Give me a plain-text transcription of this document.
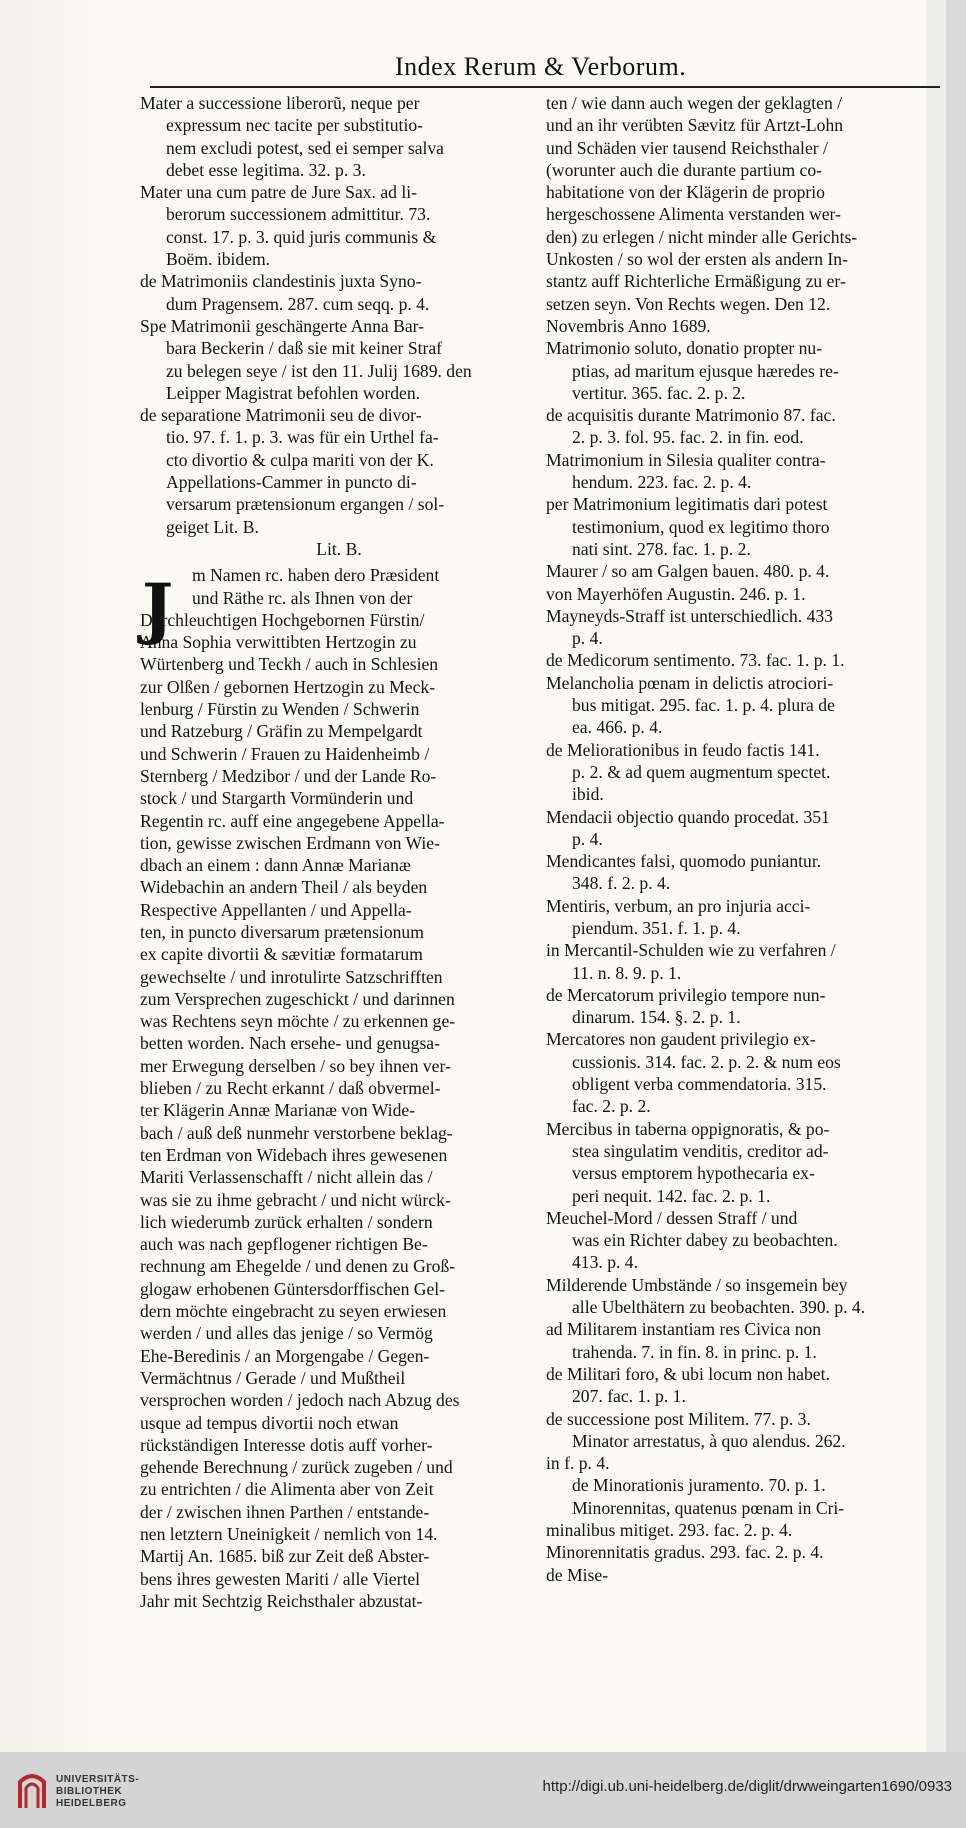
Index Rerum & Verborum.
J
Mater a successione liberorũ, neque per
expressum nec tacite per substitutio-
nem excludi potest, sed ei semper salva
debet esse legitima. 32. p. 3.
Mater una cum patre de Jure Sax. ad li-
berorum successionem admittitur. 73.
const. 17. p. 3. quid juris communis &
Boëm. ibidem.
de Matrimoniis clandestinis juxta Syno-
dum Pragensem. 287. cum seqq. p. 4.
Spe Matrimonii geschängerte Anna Bar-
bara Beckerin / daß sie mit keiner Straf
zu belegen seye / ist den 11. Julij 1689. den
Leipper Magistrat befohlen worden.
de separatione Matrimonii seu de divor-
tio. 97. f. 1. p. 3. was für ein Urthel fa-
cto divortio & culpa mariti von der K.
Appellations-Cammer in puncto di-
versarum prætensionum ergangen / sol-
geiget Lit. B.
Lit. B.
m Namen rc. haben dero Præsident
und Räthe rc. als Ihnen von der
Durchleuchtigen Hochgebornen Fürstin/
Anna Sophia verwittibten Hertzogin zu
Würtenberg und Teckh / auch in Schlesien
zur Olßen / gebornen Hertzogin zu Meck-
lenburg / Fürstin zu Wenden / Schwerin
und Ratzeburg / Gräfin zu Mempelgardt
und Schwerin / Frauen zu Haidenheimb /
Sternberg / Medzibor / und der Lande Ro-
stock / und Stargarth Vormünderin und
Regentin rc. auff eine angegebene Appella-
tion, gewisse zwischen Erdmann von Wie-
dbach an einem : dann Annæ Marianæ
Widebachin an andern Theil / als beyden
Respective Appellanten / und Appella-
ten, in puncto diversarum prætensionum
ex capite divortii & sævitiæ formatarum
gewechselte / und inrotulirte Satzschrifften
zum Versprechen zugeschickt / und darinnen
was Rechtens seyn möchte / zu erkennen ge-
betten worden. Nach ersehe- und genugsa-
mer Erwegung derselben / so bey ihnen ver-
blieben / zu Recht erkannt / daß obvermel-
ter Klägerin Annæ Marianæ von Wide-
bach / auß deß nunmehr verstorbene beklag-
ten Erdman von Widebach ihres gewesenen
Mariti Verlassenschafft / nicht allein das /
was sie zu ihme gebracht / und nicht würck-
lich wiederumb zurück erhalten / sondern
auch was nach gepflogener richtigen Be-
rechnung am Ehegelde / und denen zu Groß-
glogaw erhobenen Güntersdorffischen Gel-
dern möchte eingebracht zu seyen erwiesen
werden / und alles das jenige / so Vermög
Ehe-Beredinis / an Morgengabe / Gegen-
Vermächtnus / Gerade / und Mußtheil
versprochen worden / jedoch nach Abzug des
usque ad tempus divortii noch etwan
rückständigen Interesse dotis auff vorher-
gehende Berechnung / zurück zugeben / und
zu entrichten / die Alimenta aber von Zeit
der / zwischen ihnen Parthen / entstande-
nen letztern Uneinigkeit / nemlich von 14.
Martij An. 1685. biß zur Zeit deß Abster-
bens ihres gewesten Mariti / alle Viertel
Jahr mit Sechtzig Reichsthaler abzustat-
ten / wie dann auch wegen der geklagten /
und an ihr verübten Sævitz für Artzt-Lohn
und Schäden vier tausend Reichsthaler /
(worunter auch die durante partium co-
habitatione von der Klägerin de proprio
hergeschossene Alimenta verstanden wer-
den) zu erlegen / nicht minder alle Gerichts-
Unkosten / so wol der ersten als andern In-
stantz auff Richterliche Ermäßigung zu er-
setzen seyn. Von Rechts wegen. Den 12.
Novembris Anno 1689.
Matrimonio soluto, donatio propter nu-
ptias, ad maritum ejusque hæredes re-
vertitur. 365. fac. 2. p. 2.
de acquisitis durante Matrimonio 87. fac.
2. p. 3. fol. 95. fac. 2. in fin. eod.
Matrimonium in Silesia qualiter contra-
hendum. 223. fac. 2. p. 4.
per Matrimonium legitimatis dari potest
testimonium, quod ex legitimo thoro
nati sint. 278. fac. 1. p. 2.
Maurer / so am Galgen bauen. 480. p. 4.
von Mayerhöfen Augustin. 246. p. 1.
Mayneyds-Straff ist unterschiedlich. 433
p. 4.
de Medicorum sentimento. 73. fac. 1. p. 1.
Melancholia pœnam in delictis atrociori-
bus mitigat. 295. fac. 1. p. 4. plura de
ea. 466. p. 4.
de Meliorationibus in feudo factis 141.
p. 2. & ad quem augmentum spectet.
ibid.
Mendacii objectio quando procedat. 351
p. 4.
Mendicantes falsi, quomodo puniantur.
348. f. 2. p. 4.
Mentiris, verbum, an pro injuria acci-
piendum. 351. f. 1. p. 4.
in Mercantil-Schulden wie zu verfahren /
11. n. 8. 9. p. 1.
de Mercatorum privilegio tempore nun-
dinarum. 154. §. 2. p. 1.
Mercatores non gaudent privilegio ex-
cussionis. 314. fac. 2. p. 2. & num eos
obligent verba commendatoria. 315.
fac. 2. p. 2.
Mercibus in taberna oppignoratis, & po-
stea singulatim venditis, creditor ad-
versus emptorem hypothecaria ex-
peri nequit. 142. fac. 2. p. 1.
Meuchel-Mord / dessen Straff / und
was ein Richter dabey zu beobachten.
413. p. 4.
Milderende Umbstände / so insgemein bey
alle Ubelthätern zu beobachten. 390. p. 4.
ad Militarem instantiam res Civica non
trahenda. 7. in fin. 8. in princ. p. 1.
de Militari foro, & ubi locum non habet.
207. fac. 1. p. 1.
de successione post Militem. 77. p. 3.
Minator arrestatus, à quo alendus. 262.
in f. p. 4.
de Minorationis juramento. 70. p. 1.
Minorennitas, quatenus pœnam in Cri-
minalibus mitiget. 293. fac. 2. p. 4.
Minorennitatis gradus. 293. fac. 2. p. 4.
de Mise-
UNIVERSITÄTS-
BIBLIOTHEK
HEIDELBERG
http://digi.ub.uni-heidelberg.de/diglit/drwweingarten1690/0933
